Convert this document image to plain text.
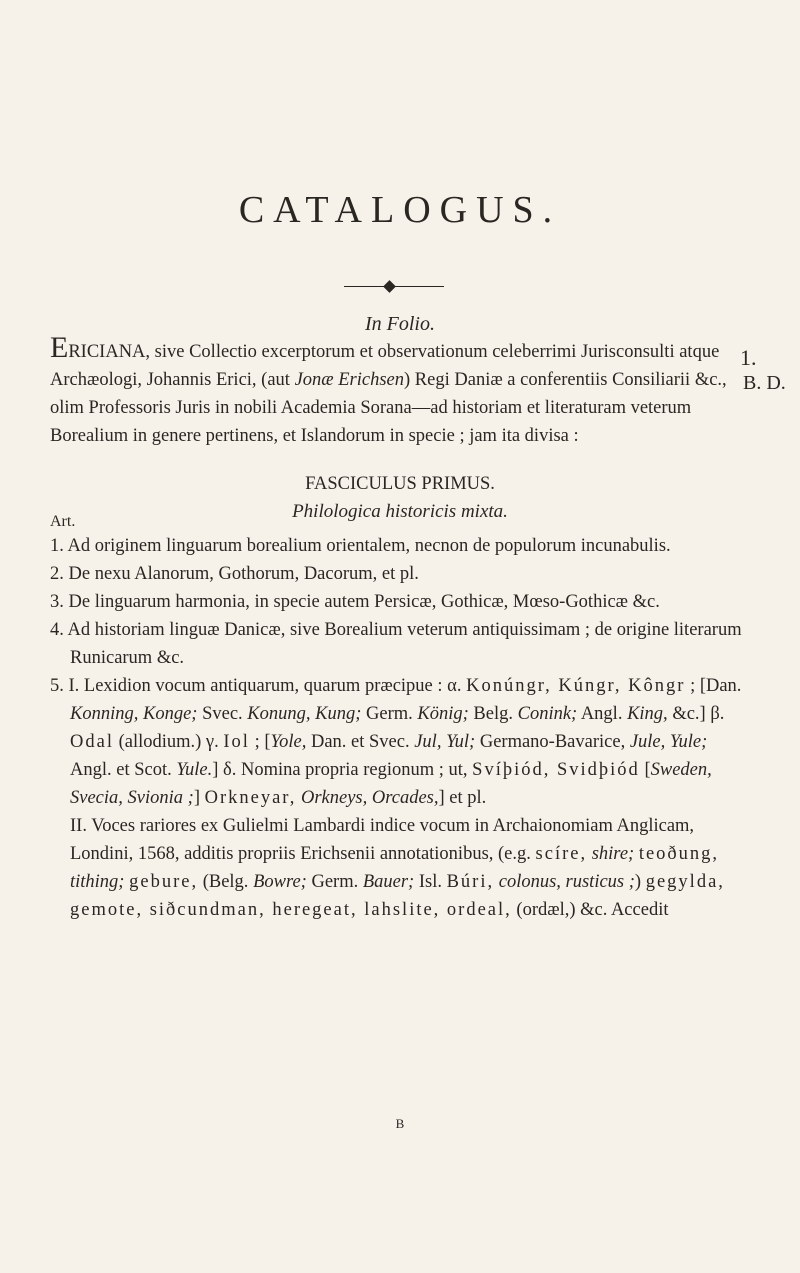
CATALOGUS.
In Folio.
1.
B. D.
ERICIANA, sive Collectio excerptorum et observationum celeberrimi Jurisconsulti atque Archæologi, Johannis Erici, (aut Jonæ Erichsen) Regi Daniæ a conferentiis Consiliarii &c., olim Professoris Juris in nobili Academia Sorana—ad historiam et literaturam veterum Borealium in genere pertinens, et Islandorum in specie ; jam ita divisa :
FASCICULUS PRIMUS.
Philologica historicis mixta.
Art.

1. Ad originem linguarum borealium orientalem, necnon de populorum incunabulis.

2. De nexu Alanorum, Gothorum, Dacorum, et pl.

3. De linguarum harmonia, in specie autem Persicæ, Gothicæ, Mœso-Gothicæ &c.

4. Ad historiam linguæ Danicæ, sive Borealium veterum antiquissimam ; de origine literarum Runicarum &c.

5. I. Lexidion vocum antiquarum, quarum præcipue : α. Konúngr, Kúngr, Kôngr ; [Dan. Konning, Konge; Svec. Konung, Kung; Germ. König; Belg. Conink; Angl. King, &c.] β. Odal (allodium.) γ. Iol ; [Yole, Dan. et Svec. Jul, Yul; Germano-Bavarice, Jule, Yule; Angl. et Scot. Yule.] δ. Nomina propria regionum ; ut, Svíþiód, Svidþiód [Sweden, Svecia, Svionia ;] Orkneyar, Orkneys, Orcades,] et pl.

II. Voces rariores ex Gulielmi Lambardi indice vocum in Archaionomiam Anglicam, Londini, 1568, additis propriis Erichsenii annotationibus, (e.g. scíre, shire; teoðung, tithing; gebure, (Belg. Bowre; Germ. Bauer; Isl. Búri, colonus, rusticus ;) gegylda, gemote, siðcundman, heregeat, lahslite, ordeal, (ordæl,) &c. Accedit

B
